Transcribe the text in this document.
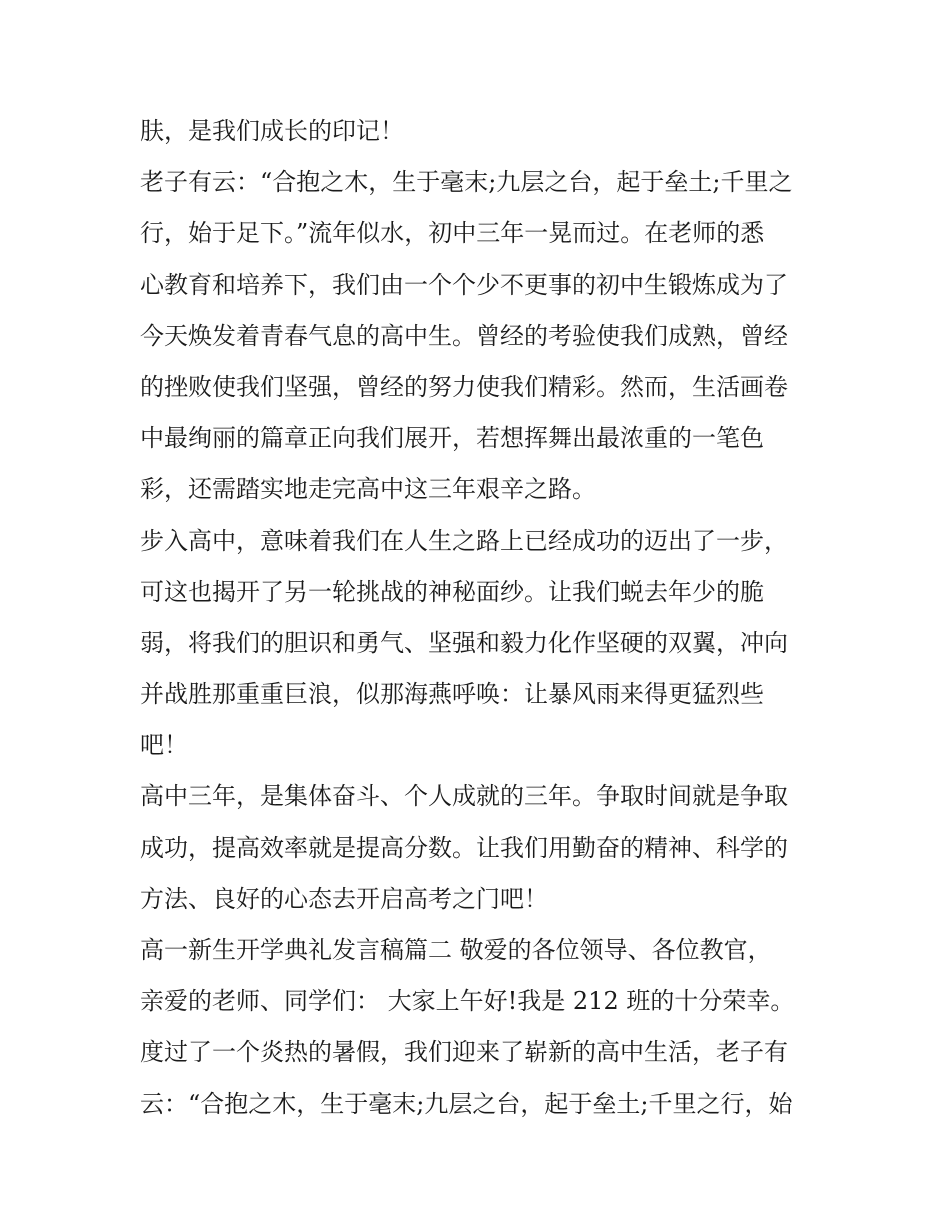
肤，是我们成长的印记！
老子有云：“合抱之木，生于毫末;九层之台，起于垒土;千里之
行，始于足下。”流年似水，初中三年一晃而过。在老师的悉
心教育和培养下，我们由一个个少不更事的初中生锻炼成为了
今天焕发着青春气息的高中生。曾经的考验使我们成熟，曾经
的挫败使我们坚强，曾经的努力使我们精彩。然而，生活画卷
中最绚丽的篇章正向我们展开，若想挥舞出最浓重的一笔色
彩，还需踏实地走完高中这三年艰辛之路。
步入高中，意味着我们在人生之路上已经成功的迈出了一步，
可这也揭开了另一轮挑战的神秘面纱。让我们蜕去年少的脆
弱，将我们的胆识和勇气、坚强和毅力化作坚硬的双翼，冲向
并战胜那重重巨浪，似那海燕呼唤：让暴风雨来得更猛烈些
吧！
高中三年，是集体奋斗、个人成就的三年。争取时间就是争取
成功，提高效率就是提高分数。让我们用勤奋的精神、科学的
方法、良好的心态去开启高考之门吧！
高一新生开学典礼发言稿篇二 敬爱的各位领导、各位教官，
亲爱的老师、同学们： 大家上午好!我是 212 班的十分荣幸。
度过了一个炎热的暑假，我们迎来了崭新的高中生活，老子有
云：“合抱之木，生于毫末;九层之台，起于垒土;千里之行，始
